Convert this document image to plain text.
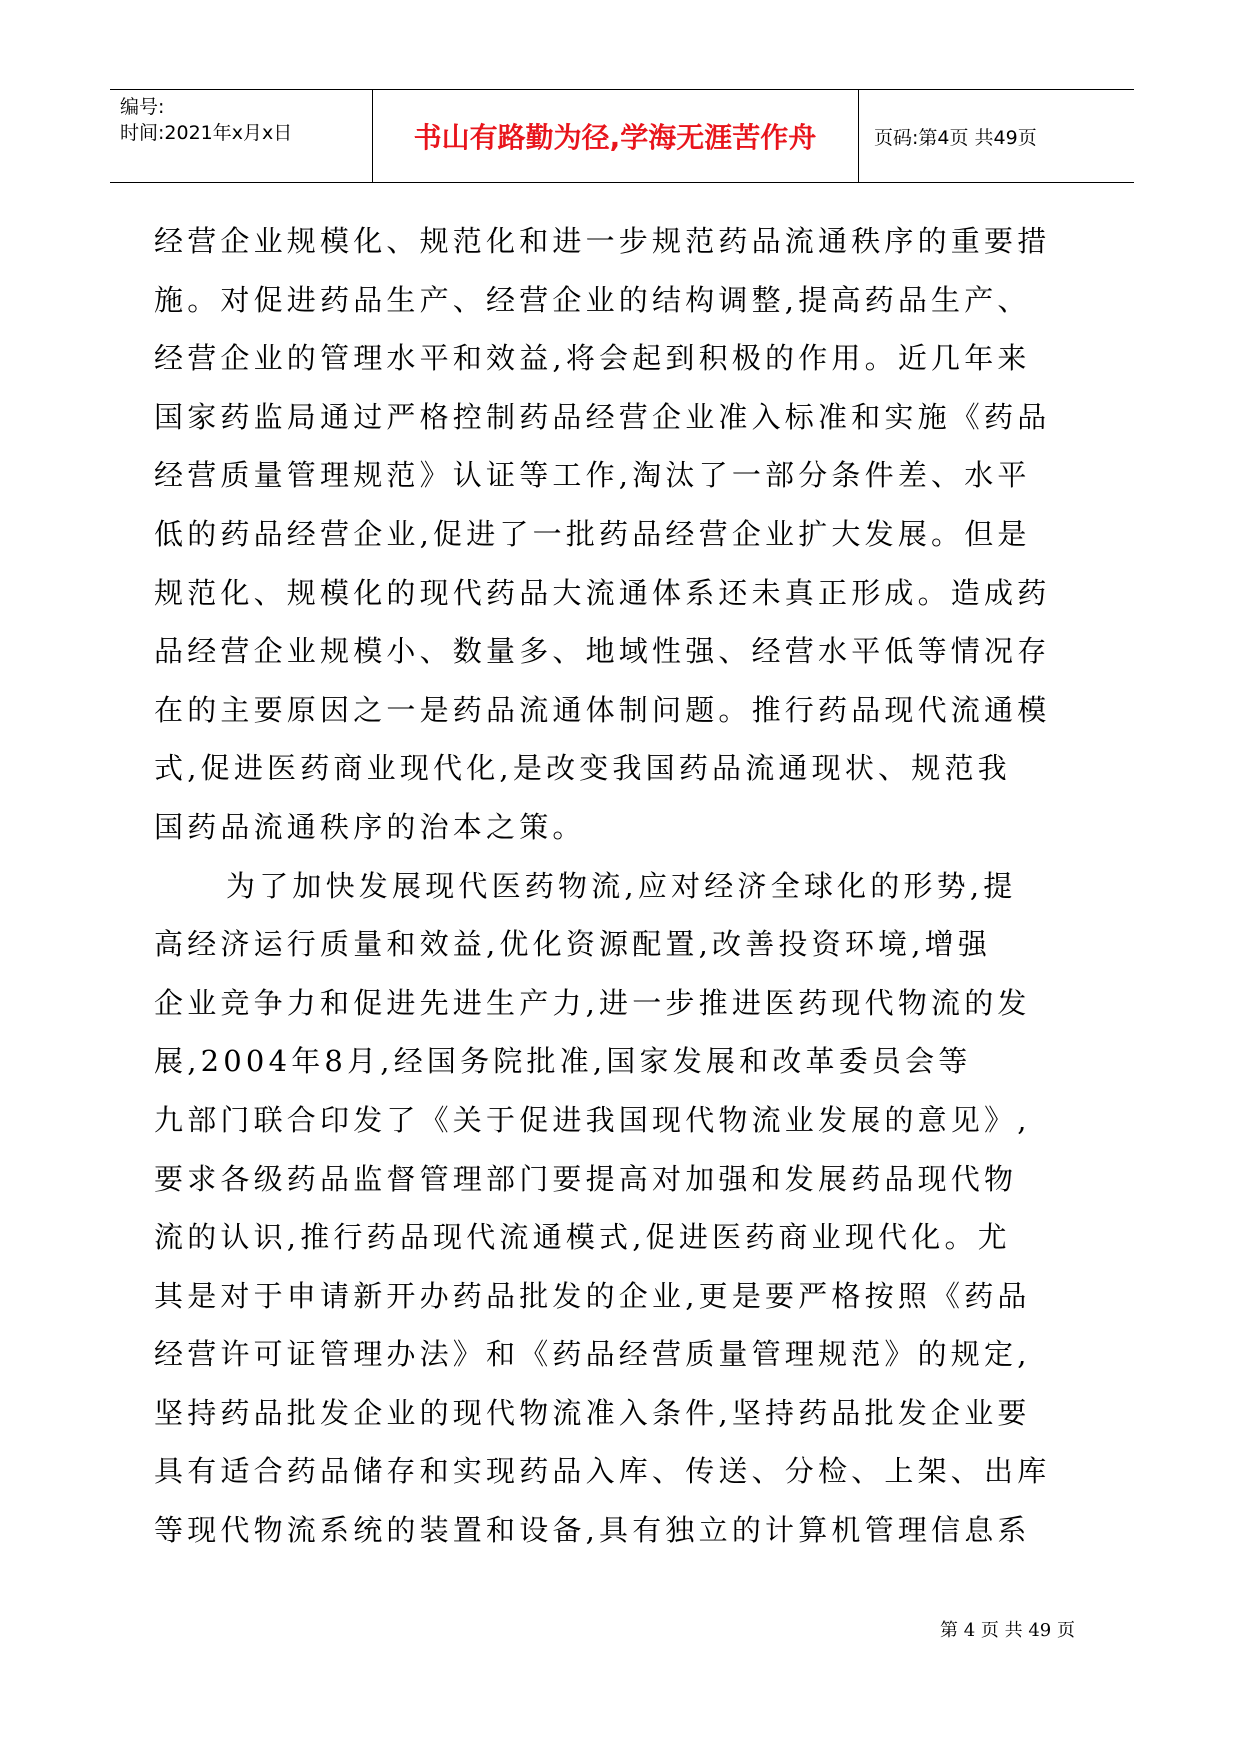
编号:
时间:2021年x月x日	书山有路勤为径,学海无涯苦作舟	页码:第4页 共49页
经营企业规模化、规范化和进一步规范药品流通秩序的重要措
施。对促进药品生产、经营企业的结构调整,提高药品生产、
经营企业的管理水平和效益,将会起到积极的作用。近几年来
国家药监局通过严格控制药品经营企业准入标准和实施《药品
经营质量管理规范》认证等工作,淘汰了一部分条件差、水平
低的药品经营企业,促进了一批药品经营企业扩大发展。但是
规范化、规模化的现代药品大流通体系还未真正形成。造成药
品经营企业规模小、数量多、地域性强、经营水平低等情况存
在的主要原因之一是药品流通体制问题。推行药品现代流通模
式,促进医药商业现代化,是改变我国药品流通现状、规范我
国药品流通秩序的治本之策。
为了加快发展现代医药物流,应对经济全球化的形势,提
高经济运行质量和效益,优化资源配置,改善投资环境,增强
企业竞争力和促进先进生产力,进一步推进医药现代物流的发
展,2004年8月,经国务院批准,国家发展和改革委员会等
九部门联合印发了《关于促进我国现代物流业发展的意见》,
要求各级药品监督管理部门要提高对加强和发展药品现代物
流的认识,推行药品现代流通模式,促进医药商业现代化。尤
其是对于申请新开办药品批发的企业,更是要严格按照《药品
经营许可证管理办法》和《药品经营质量管理规范》的规定,
坚持药品批发企业的现代物流准入条件,坚持药品批发企业要
具有适合药品储存和实现药品入库、传送、分检、上架、出库
等现代物流系统的装置和设备,具有独立的计算机管理信息系
第 4 页 共 49 页
